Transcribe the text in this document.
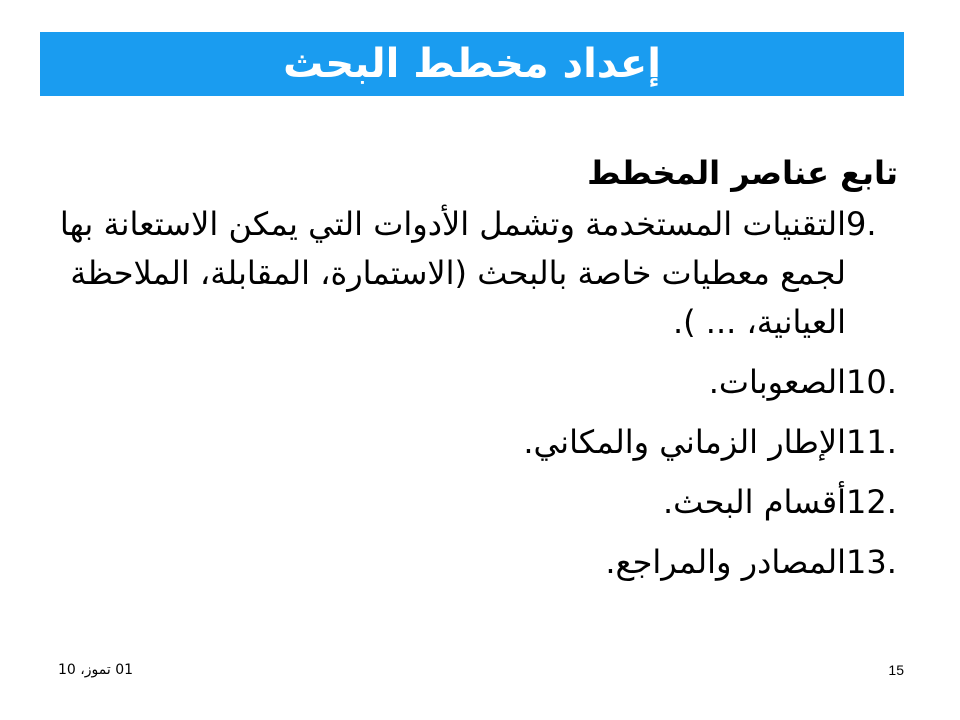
إعداد مخطط البحث
تابع عناصر المخطط
9.
التقنيات المستخدمة وتشمل الأدوات التي يمكن الاستعانة بها لجمع معطيات خاصة بالبحث (الاستمارة، المقابلة، الملاحظة العيانية، ... ).
10.
الصعوبات.
11.
الإطار الزماني والمكاني.
12.
أقسام البحث.
13.
المصادر والمراجع.
15
01 تموز، 10
